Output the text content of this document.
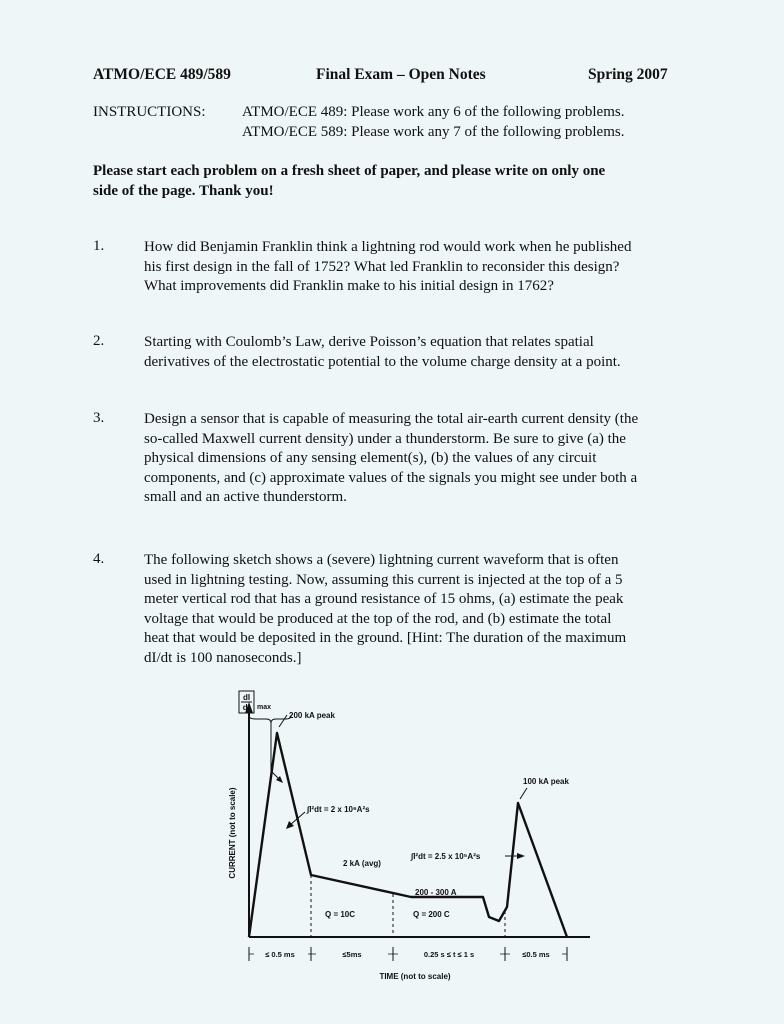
ATMO/ECE 489/589	Final Exam – Open Notes	Spring 2007
INSTRUCTIONS: ATMO/ECE 489: Please work any 6 of the following problems.
ATMO/ECE 589: Please work any 7 of the following problems.
Please start each problem on a fresh sheet of paper, and please write on only one
side of the page. Thank you!
1.	How did Benjamin Franklin think a lightning rod would work when he published
his first design in the fall of 1752? What led Franklin to reconsider this design?
What improvements did Franklin make to his initial design in 1762?
2.	Starting with Coulomb’s Law, derive Poisson’s equation that relates spatial
derivatives of the electrostatic potential to the volume charge density at a point.
3.	Design a sensor that is capable of measuring the total air-earth current density (the
so-called Maxwell current density) under a thunderstorm. Be sure to give (a) the
physical dimensions of any sensing element(s), (b) the values of any circuit
components, and (c) approximate values of the signals you might see under both a
small and an active thunderstorm.
4.	The following sketch shows a (severe) lightning current waveform that is often
used in lightning testing. Now, assuming this current is injected at the top of a 5
meter vertical rod that has a ground resistance of 15 ohms, (a) estimate the peak
voltage that would be produced at the top of the rod, and (b) estimate the total
heat that would be deposited in the ground. [Hint: The duration of the maximum
dI/dt is 100 nanoseconds.]
dI
dt max
200 kA peak
100 kA peak
∫I²dt = 2 x 10⁶A²s
2 kA (avg)
∫I²dt = 2.5 x 10⁵A²s
200 - 300 A
Q = 10C	Q = 200 C
≤ 0.5 ms	≤5ms	0.25 s ≤ t ≤ 1 s	≤0.5 ms
TIME (not to scale)
CURRENT (not to scale)
